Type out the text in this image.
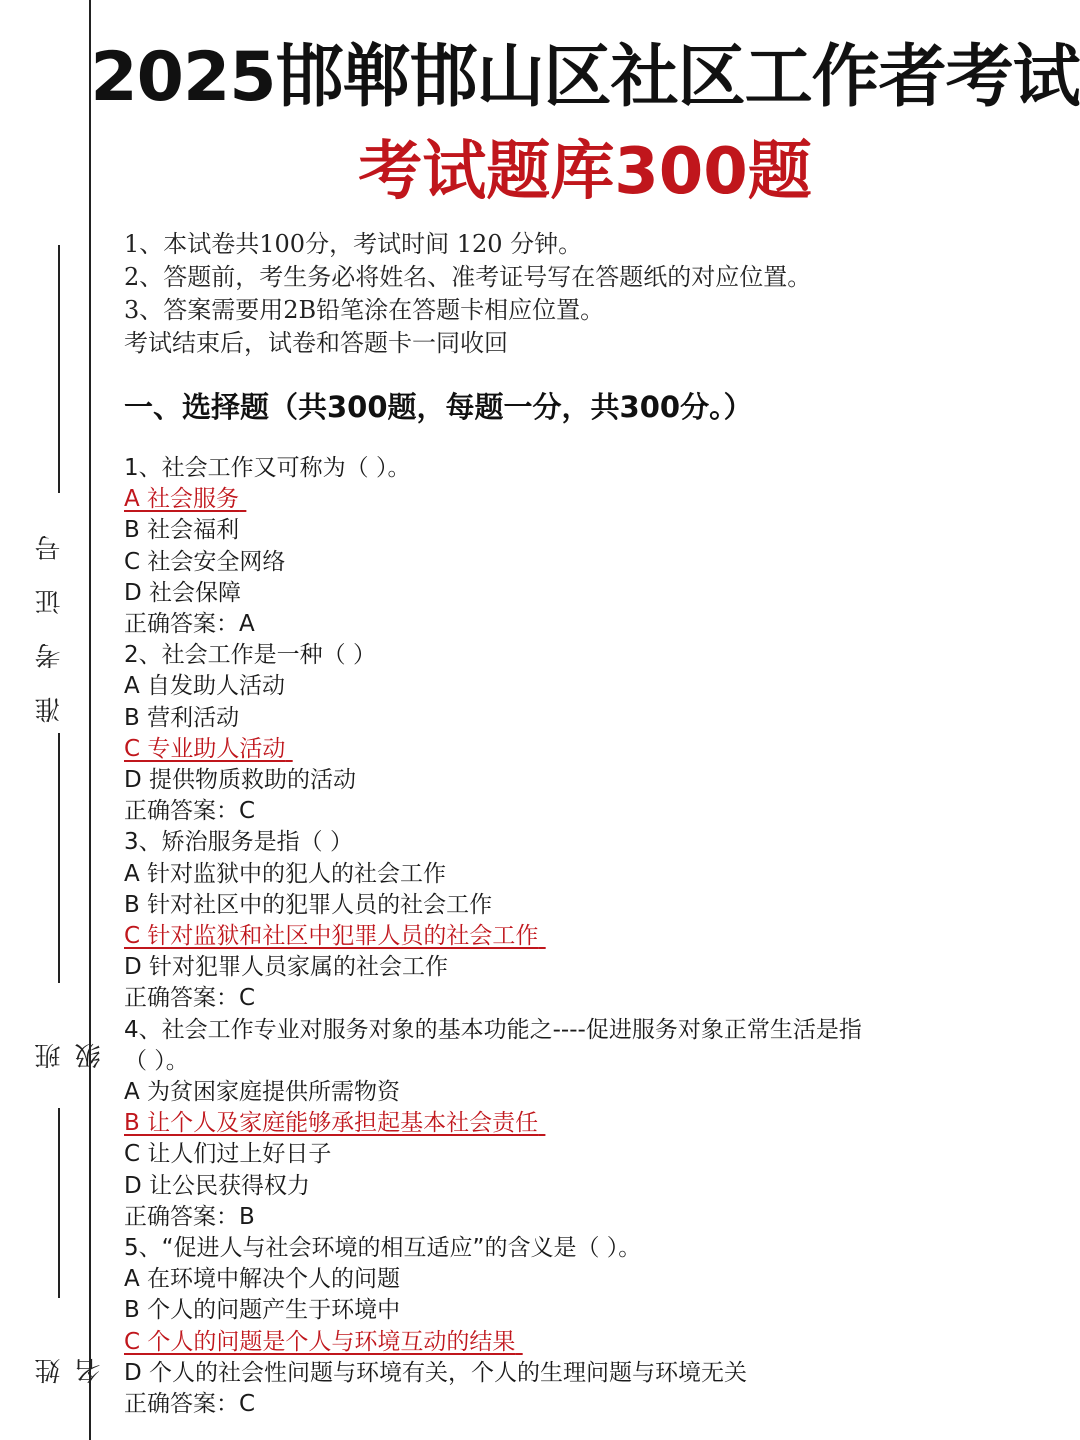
准考证号
班级
姓名
2025邯郸邯山区社区工作者考试
考试题库300题
1、本试卷共100分，考试时间 120 分钟。
2、答题前，考生务必将姓名、准考证号写在答题纸的对应位置。
3、答案需要用2B铅笔涂在答题卡相应位置。
考试结束后，试卷和答题卡一同收回
一、选择题（共300题，每题一分，共300分。）
1、社会工作又可称为（ ）。
A 社会服务
B 社会福利
C 社会安全网络
D 社会保障
正确答案：A
2、社会工作是一种（ ）
A 自发助人活动
B 营利活动
C 专业助人活动
D 提供物质救助的活动
正确答案：C
3、矫治服务是指（ ）
A 针对监狱中的犯人的社会工作
B 针对社区中的犯罪人员的社会工作
C 针对监狱和社区中犯罪人员的社会工作
D 针对犯罪人员家属的社会工作
正确答案：C
4、社会工作专业对服务对象的基本功能之----促进服务对象正常生活是指
（ ）。
A 为贫困家庭提供所需物资
B 让个人及家庭能够承担起基本社会责任
C 让人们过上好日子
D 让公民获得权力
正确答案：B
5、“促进人与社会环境的相互适应”的含义是（ ）。
A 在环境中解决个人的问题
B 个人的问题产生于环境中
C 个人的问题是个人与环境互动的结果
D 个人的社会性问题与环境有关，个人的生理问题与环境无关
正确答案：C
